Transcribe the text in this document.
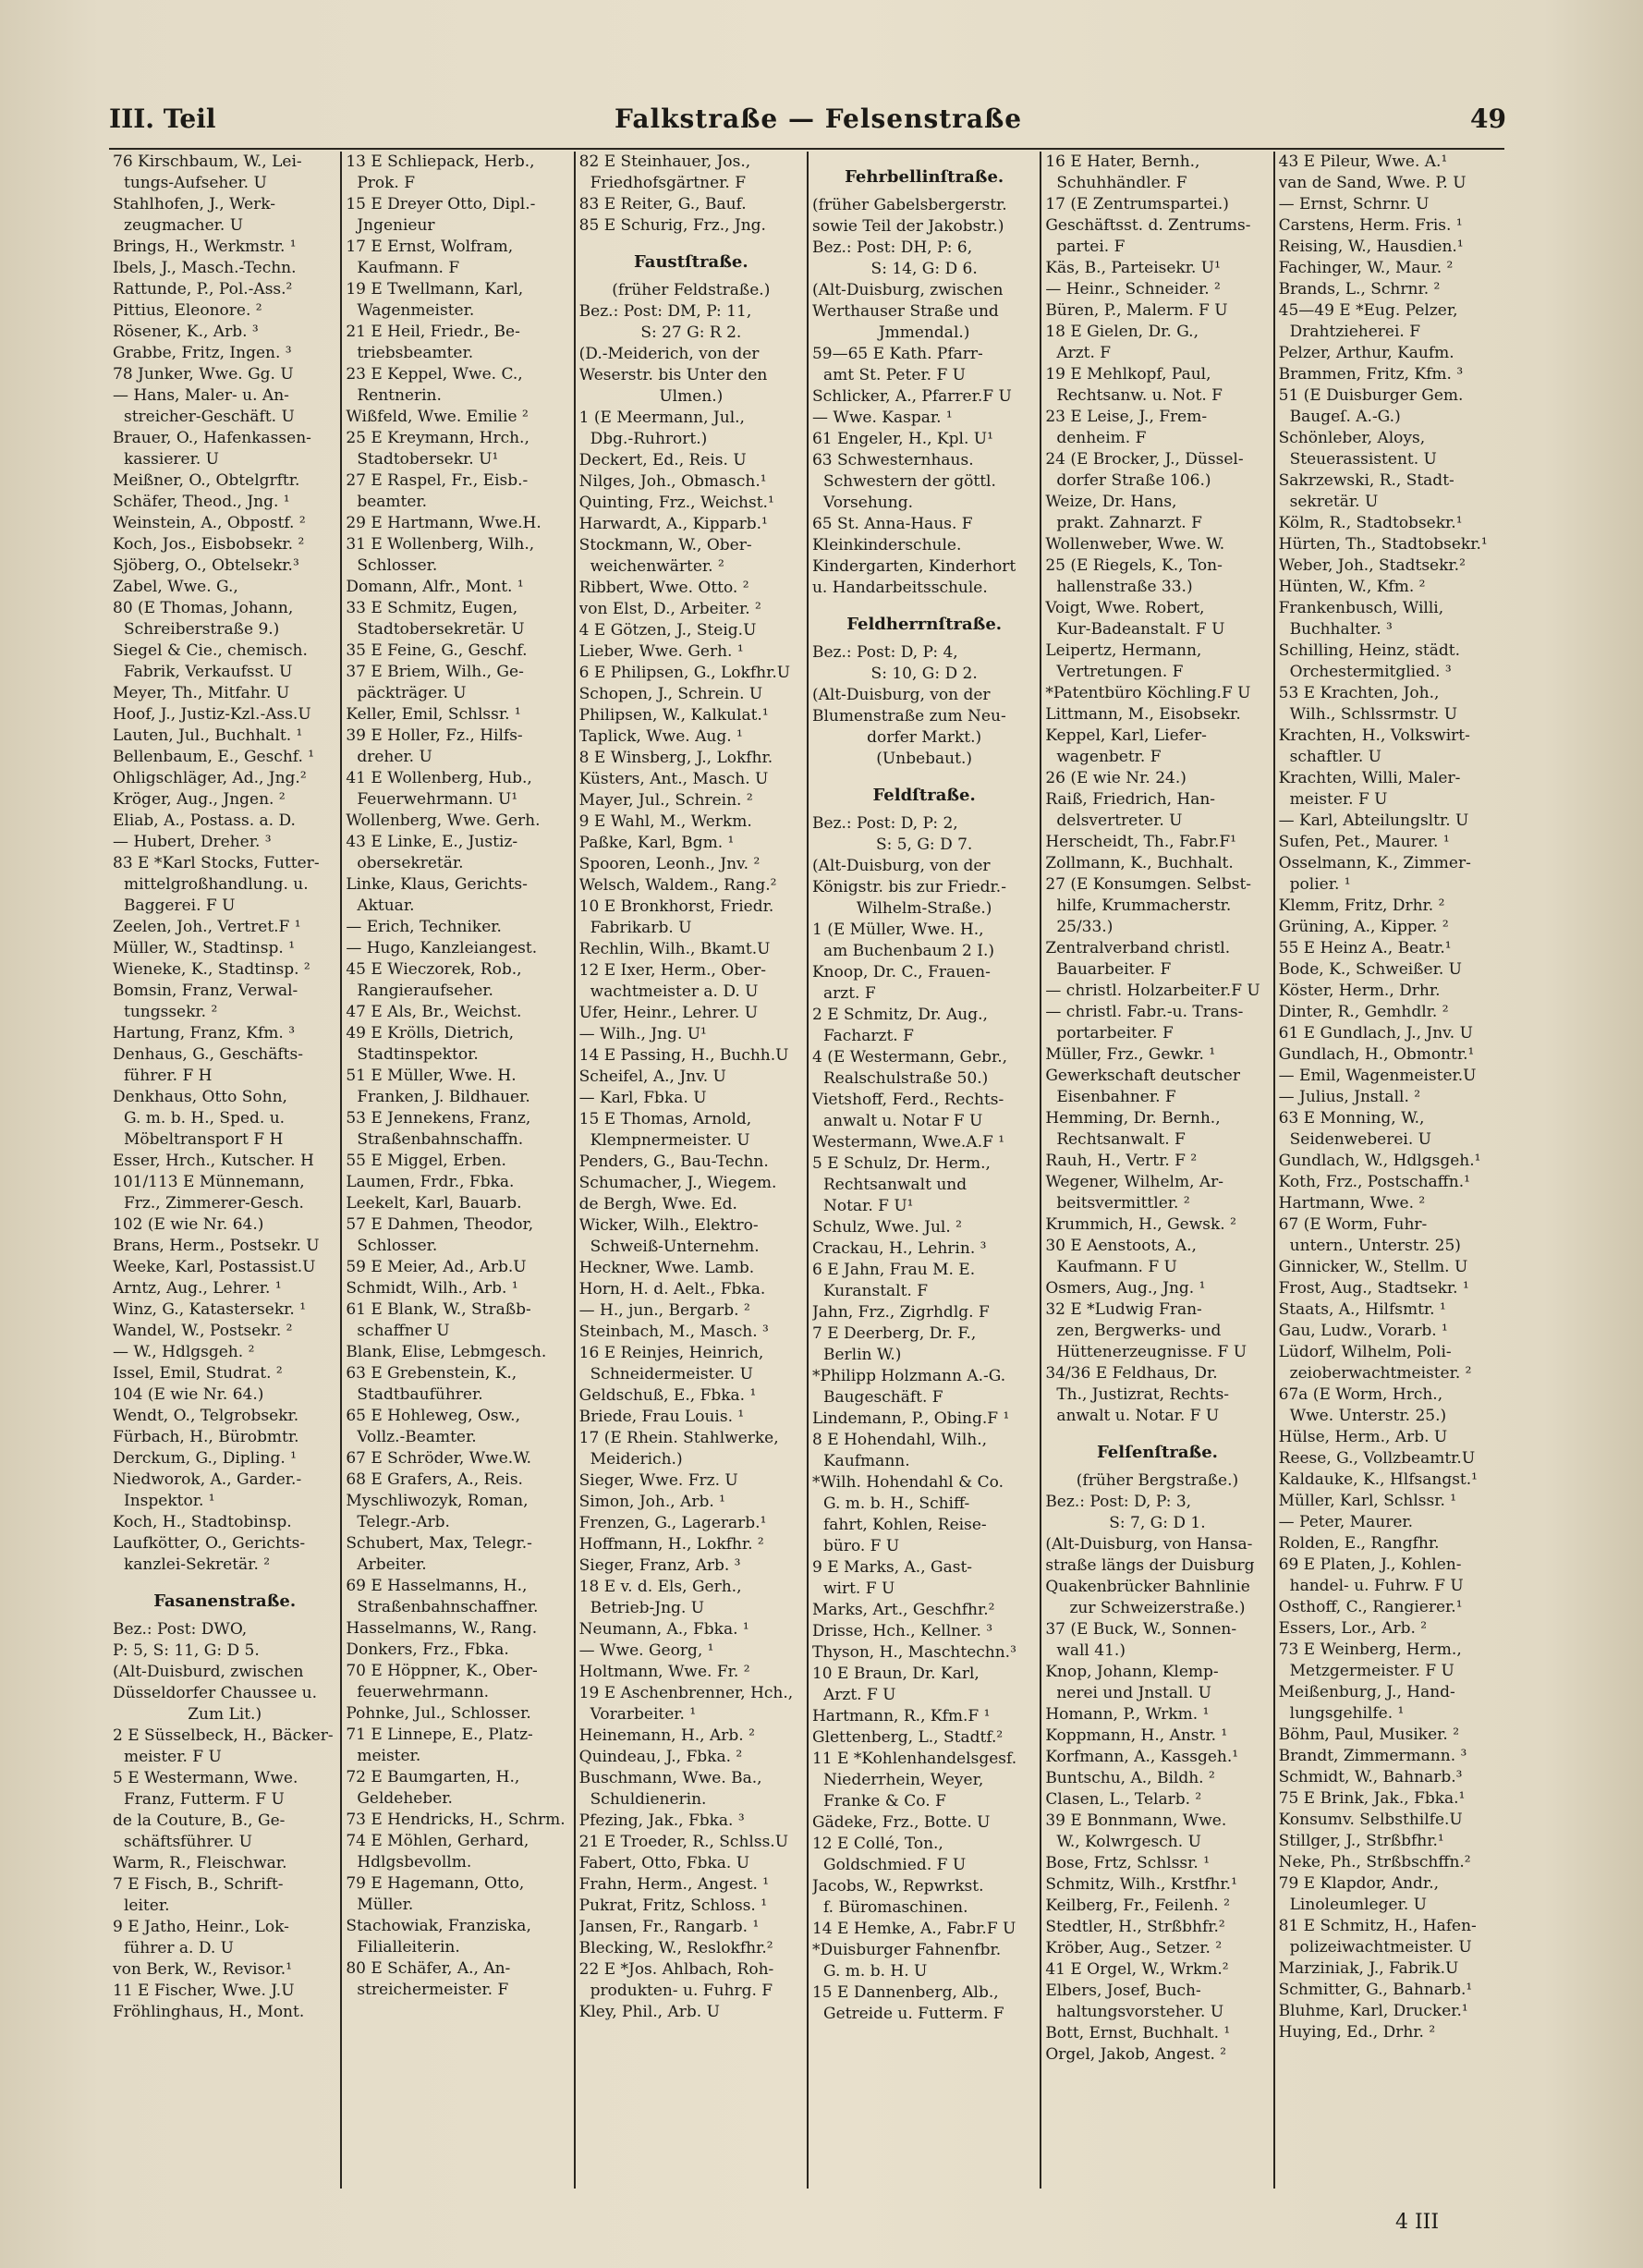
III. Teil	Falkstraße — Felsenstraße	49
76 Kirschbaum, W., Lei-
tungs-Aufseher. U
Stahlhofen, J., Werk-
zeugmacher. U
Brings, H., Werkmstr. ¹
Ibels, J., Masch.-Techn.
Rattunde, P., Pol.-Ass.²
Pittius, Eleonore. ²
Rösener, K., Arb. ³
Grabbe, Fritz, Ingen. ³
78 Junker, Wwe. Gg. U
— Hans, Maler- u. An-
streicher-Geschäft. U
Brauer, O., Hafenkassen-
kassierer. U
Meißner, O., Obtelgrftr.
Schäfer, Theod., Jng. ¹
Weinstein, A., Obpostf. ²
Koch, Jos., Eisbobsekr. ²
Sjöberg, O., Obtelsekr.³
Zabel, Wwe. G.,
80 (E Thomas, Johann,
Schreiberstraße 9.)
Siegel & Cie., chemisch.
Fabrik, Verkaufsst. U
Meyer, Th., Mitfahr. U
Hoof, J., Justiz-Kzl.-Ass.U
Lauten, Jul., Buchhalt. ¹
Bellenbaum, E., Geschf. ¹
Ohligschläger, Ad., Jng.²
Kröger, Aug., Jngen. ²
Eliab, A., Postass. a. D.
— Hubert, Dreher. ³
83 E *Karl Stocks, Futter-
mittelgroßhandlung. u.
Baggerei. F U
Zeelen, Joh., Vertret.F ¹
Müller, W., Stadtinsp. ¹
Wieneke, K., Stadtinsp. ²
Bomsin, Franz, Verwal-
tungssekr. ²
Hartung, Franz, Kfm. ³
Denhaus, G., Geschäfts-
führer. F H
Denkhaus, Otto Sohn,
G. m. b. H., Sped. u.
Möbeltransport F H
Esser, Hrch., Kutscher. H
101/113 E Münnemann,
Frz., Zimmerer-Gesch.
102 (E wie Nr. 64.)
Brans, Herm., Postsekr. U
Weeke, Karl, Postassist.U
Arntz, Aug., Lehrer. ¹
Winz, G., Katastersekr. ¹
Wandel, W., Postsekr. ²
— W., Hdlgsgeh. ²
Issel, Emil, Studrat. ²
104 (E wie Nr. 64.)
Wendt, O., Telgrobsekr.
Fürbach, H., Bürobmtr.
Derckum, G., Dipling. ¹
Niedworok, A., Garder.-
Inspektor. ¹
Koch, H., Stadtobinsp.
Laufkötter, O., Gerichts-
kanzlei-Sekretär. ²
Fasanenstraße.
Bez.: Post: DWO,
P: 5, S: 11, G: D 5.
(Alt-Duisburd, zwischen
Düsseldorfer Chaussee u.
Zum Lit.)
2 E Süsselbeck, H., Bäcker-
meister. F U
5 E Westermann, Wwe.
Franz, Futterm. F U
de la Couture, B., Ge-
schäftsführer. U
Warm, R., Fleischwar.
7 E Fisch, B., Schrift-
leiter.
9 E Jatho, Heinr., Lok-
führer a. D. U
von Berk, W., Revisor.¹
11 E Fischer, Wwe. J.U
Fröhlinghaus, H., Mont.
13 E Schliepack, Herb.,
Prok. F
15 E Dreyer Otto, Dipl.-
Jngenieur
17 E Ernst, Wolfram,
Kaufmann. F
19 E Twellmann, Karl,
Wagenmeister.
21 E Heil, Friedr., Be-
triebsbeamter.
23 E Keppel, Wwe. C.,
Rentnerin.
Wißfeld, Wwe. Emilie ²
25 E Kreymann, Hrch.,
Stadtobersekr. U¹
27 E Raspel, Fr., Eisb.-
beamter.
29 E Hartmann, Wwe.H.
31 E Wollenberg, Wilh.,
Schlosser.
Domann, Alfr., Mont. ¹
33 E Schmitz, Eugen,
Stadtobersekretär. U
35 E Feine, G., Geschf.
37 E Briem, Wilh., Ge-
päckträger. U
Keller, Emil, Schlssr. ¹
39 E Holler, Fz., Hilfs-
dreher. U
41 E Wollenberg, Hub.,
Feuerwehrmann. U¹
Wollenberg, Wwe. Gerh.
43 E Linke, E., Justiz-
obersekretär.
Linke, Klaus, Gerichts-
Aktuar.
— Erich, Techniker.
— Hugo, Kanzleiangest.
45 E Wieczorek, Rob.,
Rangieraufseher.
47 E Als, Br., Weichst.
49 E Krölls, Dietrich,
Stadtinspektor.
51 E Müller, Wwe. H.
Franken, J. Bildhauer.
53 E Jennekens, Franz,
Straßenbahnschaffn.
55 E Miggel, Erben.
Laumen, Frdr., Fbka.
Leekelt, Karl, Bauarb.
57 E Dahmen, Theodor,
Schlosser.
59 E Meier, Ad., Arb.U
Schmidt, Wilh., Arb. ¹
61 E Blank, W., Straßb-
schaffner U
Blank, Elise, Lebmgesch.
63 E Grebenstein, K.,
Stadtbauführer.
65 E Hohleweg, Osw.,
Vollz.-Beamter.
67 E Schröder, Wwe.W.
68 E Grafers, A., Reis.
Myschliwozyk, Roman,
Telegr.-Arb.
Schubert, Max, Telegr.-
Arbeiter.
69 E Hasselmanns, H.,
Straßenbahnschaffner.
Hasselmanns, W., Rang.
Donkers, Frz., Fbka.
70 E Höppner, K., Ober-
feuerwehrmann.
Pohnke, Jul., Schlosser.
71 E Linnepe, E., Platz-
meister.
72 E Baumgarten, H.,
Geldeheber.
73 E Hendricks, H., Schrm.
74 E Möhlen, Gerhard,
Hdlgsbevollm.
79 E Hagemann, Otto,
Müller.
Stachowiak, Franziska,
Filialleiterin.
80 E Schäfer, A., An-
streichermeister. F
82 E Steinhauer, Jos.,
Friedhofsgärtner. F
83 E Reiter, G., Bauf.
85 E Schurig, Frz., Jng.
Faustſtraße.
(früher Feldstraße.)
Bez.: Post: DM, P: 11,
S: 27 G: R 2.
(D.-Meiderich, von der
Weserstr. bis Unter den
Ulmen.)
1 (E Meermann, Jul.,
Dbg.-Ruhrort.)
Deckert, Ed., Reis. U
Nilges, Joh., Obmasch.¹
Quinting, Frz., Weichst.¹
Harwardt, A., Kipparb.¹
Stockmann, W., Ober-
weichenwärter. ²
Ribbert, Wwe. Otto. ²
von Elst, D., Arbeiter. ²
4 E Götzen, J., Steig.U
Lieber, Wwe. Gerh. ¹
6 E Philipsen, G., Lokfhr.U
Schopen, J., Schrein. U
Philipsen, W., Kalkulat.¹
Taplick, Wwe. Aug. ¹
8 E Winsberg, J., Lokfhr.
Küsters, Ant., Masch. U
Mayer, Jul., Schrein. ²
9 E Wahl, M., Werkm.
Paßke, Karl, Bgm. ¹
Spooren, Leonh., Jnv. ²
Welsch, Waldem., Rang.²
10 E Bronkhorst, Friedr.
Fabrikarb. U
Rechlin, Wilh., Bkamt.U
12 E Ixer, Herm., Ober-
wachtmeister a. D. U
Ufer, Heinr., Lehrer. U
— Wilh., Jng. U¹
14 E Passing, H., Buchh.U
Scheifel, A., Jnv. U
— Karl, Fbka. U
15 E Thomas, Arnold,
Klempnermeister. U
Penders, G., Bau-Techn.
Schumacher, J., Wiegem.
de Bergh, Wwe. Ed.
Wicker, Wilh., Elektro-
Schweiß-Unternehm.
Heckner, Wwe. Lamb.
Horn, H. d. Aelt., Fbka.
— H., jun., Bergarb. ²
Steinbach, M., Masch. ³
16 E Reinjes, Heinrich,
Schneidermeister. U
Geldschuß, E., Fbka. ¹
Briede, Frau Louis. ¹
17 (E Rhein. Stahlwerke,
Meiderich.)
Sieger, Wwe. Frz. U
Simon, Joh., Arb. ¹
Frenzen, G., Lagerarb.¹
Hoffmann, H., Lokfhr. ²
Sieger, Franz, Arb. ³
18 E v. d. Els, Gerh.,
Betrieb-Jng. U
Neumann, A., Fbka. ¹
— Wwe. Georg, ¹
Holtmann, Wwe. Fr. ²
19 E Aschenbrenner, Hch.,
Vorarbeiter. ¹
Heinemann, H., Arb. ²
Quindeau, J., Fbka. ²
Buschmann, Wwe. Ba.,
Schuldienerin.
Pfezing, Jak., Fbka. ³
21 E Troeder, R., Schlss.U
Fabert, Otto, Fbka. U
Frahn, Herm., Angest. ¹
Pukrat, Fritz, Schloss. ¹
Jansen, Fr., Rangarb. ¹
Blecking, W., Reslokfhr.²
22 E *Jos. Ahlbach, Roh-
produkten- u. Fuhrg. F
Kley, Phil., Arb. U
Fehrbellinſtraße.
(früher Gabelsbergerstr.
sowie Teil der Jakobstr.)
Bez.: Post: DH, P: 6,
S: 14, G: D 6.
(Alt-Duisburg, zwischen
Werthauser Straße und
Jmmendal.)
59—65 E Kath. Pfarr-
amt St. Peter. F U
Schlicker, A., Pfarrer.F U
— Wwe. Kaspar. ¹
61 Engeler, H., Kpl. U¹
63 Schwesternhaus.
Schwestern der göttl.
Vorsehung.
65 St. Anna-Haus. F
Kleinkinderschule.
Kindergarten, Kinderhort
u. Handarbeitsschule.
Feldherrnſtraße.
Bez.: Post: D, P: 4,
S: 10, G: D 2.
(Alt-Duisburg, von der
Blumenstraße zum Neu-
dorfer Markt.)
(Unbebaut.)
Feldſtraße.
Bez.: Post: D, P: 2,
S: 5, G: D 7.
(Alt-Duisburg, von der
Königstr. bis zur Friedr.-
Wilhelm-Straße.)
1 (E Müller, Wwe. H.,
am Buchenbaum 2 I.)
Knoop, Dr. C., Frauen-
arzt. F
2 E Schmitz, Dr. Aug.,
Facharzt. F
4 (E Westermann, Gebr.,
Realschulstraße 50.)
Vietshoff, Ferd., Rechts-
anwalt u. Notar F U
Westermann, Wwe.A.F ¹
5 E Schulz, Dr. Herm.,
Rechtsanwalt und
Notar. F U¹
Schulz, Wwe. Jul. ²
Crackau, H., Lehrin. ³
6 E Jahn, Frau M. E.
Kuranstalt. F
Jahn, Frz., Zigrhdlg. F
7 E Deerberg, Dr. F.,
Berlin W.)
*Philipp Holzmann A.-G.
Baugeschäft. F
Lindemann, P., Obing.F ¹
8 E Hohendahl, Wilh.,
Kaufmann.
*Wilh. Hohendahl & Co.
G. m. b. H., Schiff-
fahrt, Kohlen, Reise-
büro. F U
9 E Marks, A., Gast-
wirt. F U
Marks, Art., Geschfhr.²
Drisse, Hch., Kellner. ³
Thyson, H., Maschtechn.³
10 E Braun, Dr. Karl,
Arzt. F U
Hartmann, R., Kfm.F ¹
Glettenberg, L., Stadtf.²
11 E *Kohlenhandelsgesf.
Niederrhein, Weyer,
Franke & Co. F
Gädeke, Frz., Botte. U
12 E Collé, Ton.,
Goldschmied. F U
Jacobs, W., Repwrkst.
f. Büromaschinen.
14 E Hemke, A., Fabr.F U
*Duisburger Fahnenfbr.
G. m. b. H. U
15 E Dannenberg, Alb.,
Getreide u. Futterm. F
16 E Hater, Bernh.,
Schuhhändler. F
17 (E Zentrumspartei.)
Geschäftsst. d. Zentrums-
partei. F
Käs, B., Parteisekr. U¹
— Heinr., Schneider. ²
Büren, P., Malerm. F U
18 E Gielen, Dr. G.,
Arzt. F
19 E Mehlkopf, Paul,
Rechtsanw. u. Not. F
23 E Leise, J., Frem-
denheim. F
24 (E Brocker, J., Düssel-
dorfer Straße 106.)
Weize, Dr. Hans,
prakt. Zahnarzt. F
Wollenweber, Wwe. W.
25 (E Riegels, K., Ton-
hallenstraße 33.)
Voigt, Wwe. Robert,
Kur-Badeanstalt. F U
Leipertz, Hermann,
Vertretungen. F
*Patentbüro Köchling.F U
Littmann, M., Eisobsekr.
Keppel, Karl, Liefer-
wagenbetr. F
26 (E wie Nr. 24.)
Raiß, Friedrich, Han-
delsvertreter. U
Herscheidt, Th., Fabr.F¹
Zollmann, K., Buchhalt.
27 (E Konsumgen. Selbst-
hilfe, Krummacherstr.
25/33.)
Zentralverband christl.
Bauarbeiter. F
— christl. Holzarbeiter.F U
— christl. Fabr.-u. Trans-
portarbeiter. F
Müller, Frz., Gewkr. ¹
Gewerkschaft deutscher
Eisenbahner. F
Hemming, Dr. Bernh.,
Rechtsanwalt. F
Rauh, H., Vertr. F ²
Wegener, Wilhelm, Ar-
beitsvermittler. ²
Krummich, H., Gewsk. ²
30 E Aenstoots, A.,
Kaufmann. F U
Osmers, Aug., Jng. ¹
32 E *Ludwig Fran-
zen, Bergwerks- und
Hüttenerzeugnisse. F U
34/36 E Feldhaus, Dr.
Th., Justizrat, Rechts-
anwalt u. Notar. F U
Felſenſtraße.
(früher Bergstraße.)
Bez.: Post: D, P: 3,
S: 7, G: D 1.
(Alt-Duisburg, von Hansa-
straße längs der Duisburg
Quakenbrücker Bahnlinie
zur Schweizerstraße.)
37 (E Buck, W., Sonnen-
wall 41.)
Knop, Johann, Klemp-
nerei und Jnstall. U
Homann, P., Wrkm. ¹
Koppmann, H., Anstr. ¹
Korfmann, A., Kassgeh.¹
Buntschu, A., Bildh. ²
Clasen, L., Telarb. ²
39 E Bonnmann, Wwe.
W., Kolwrgesch. U
Bose, Frtz, Schlssr. ¹
Schmitz, Wilh., Krstfhr.¹
Keilberg, Fr., Feilenh. ²
Stedtler, H., Strßbhfr.²
Kröber, Aug., Setzer. ²
41 E Orgel, W., Wrkm.²
Elbers, Josef, Buch-
haltungsvorsteher. U
Bott, Ernst, Buchhalt. ¹
Orgel, Jakob, Angest. ²
43 E Pileur, Wwe. A.¹
van de Sand, Wwe. P. U
— Ernst, Schrnr. U
Carstens, Herm. Fris. ¹
Reising, W., Hausdien.¹
Fachinger, W., Maur. ²
Brands, L., Schrnr. ²
45—49 E *Eug. Pelzer,
Drahtzieherei. F
Pelzer, Arthur, Kaufm.
Brammen, Fritz, Kfm. ³
51 (E Duisburger Gem.
Baugeſ. A.-G.)
Schönleber, Aloys,
Steuerassistent. U
Sakrzewski, R., Stadt-
sekretär. U
Kölm, R., Stadtobsekr.¹
Hürten, Th., Stadtobsekr.¹
Weber, Joh., Stadtsekr.²
Hünten, W., Kfm. ²
Frankenbusch, Willi,
Buchhalter. ³
Schilling, Heinz, städt.
Orchestermitglied. ³
53 E Krachten, Joh.,
Wilh., Schlssrmstr. U
Krachten, H., Volkswirt-
schaftler. U
Krachten, Willi, Maler-
meister. F U
— Karl, Abteilungsltr. U
Sufen, Pet., Maurer. ¹
Osselmann, K., Zimmer-
polier. ¹
Klemm, Fritz, Drhr. ²
Grüning, A., Kipper. ²
55 E Heinz A., Beatr.¹
Bode, K., Schweißer. U
Köster, Herm., Drhr.
Dinter, R., Gemhdlr. ²
61 E Gundlach, J., Jnv. U
Gundlach, H., Obmontr.¹
— Emil, Wagenmeister.U
— Julius, Jnstall. ²
63 E Monning, W.,
Seidenweberei. U
Gundlach, W., Hdlgsgeh.¹
Koth, Frz., Postschaffn.¹
Hartmann, Wwe. ²
67 (E Worm, Fuhr-
untern., Unterstr. 25)
Ginnicker, W., Stellm. U
Frost, Aug., Stadtsekr. ¹
Staats, A., Hilfsmtr. ¹
Gau, Ludw., Vorarb. ¹
Lüdorf, Wilhelm, Poli-
zeioberwachtmeister. ²
67a (E Worm, Hrch.,
Wwe. Unterstr. 25.)
Hülse, Herm., Arb. U
Reese, G., Vollzbeamtr.U
Kaldauke, K., Hlfsangst.¹
Müller, Karl, Schlssr. ¹
— Peter, Maurer.
Rolden, E., Rangfhr.
69 E Platen, J., Kohlen-
handel- u. Fuhrw. F U
Osthoff, C., Rangierer.¹
Essers, Lor., Arb. ²
73 E Weinberg, Herm.,
Metzgermeister. F U
Meißenburg, J., Hand-
lungsgehilfe. ¹
Böhm, Paul, Musiker. ²
Brandt, Zimmermann. ³
Schmidt, W., Bahnarb.³
75 E Brink, Jak., Fbka.¹
Konsumv. Selbsthilfe.U
Stillger, J., Strßbfhr.¹
Neke, Ph., Strßbschffn.²
79 E Klapdor, Andr.,
Linoleumleger. U
81 E Schmitz, H., Hafen-
polizeiwachtmeister. U
Marziniak, J., Fabrik.U
Schmitter, G., Bahnarb.¹
Bluhme, Karl, Drucker.¹
Huying, Ed., Drhr. ²
4 III
